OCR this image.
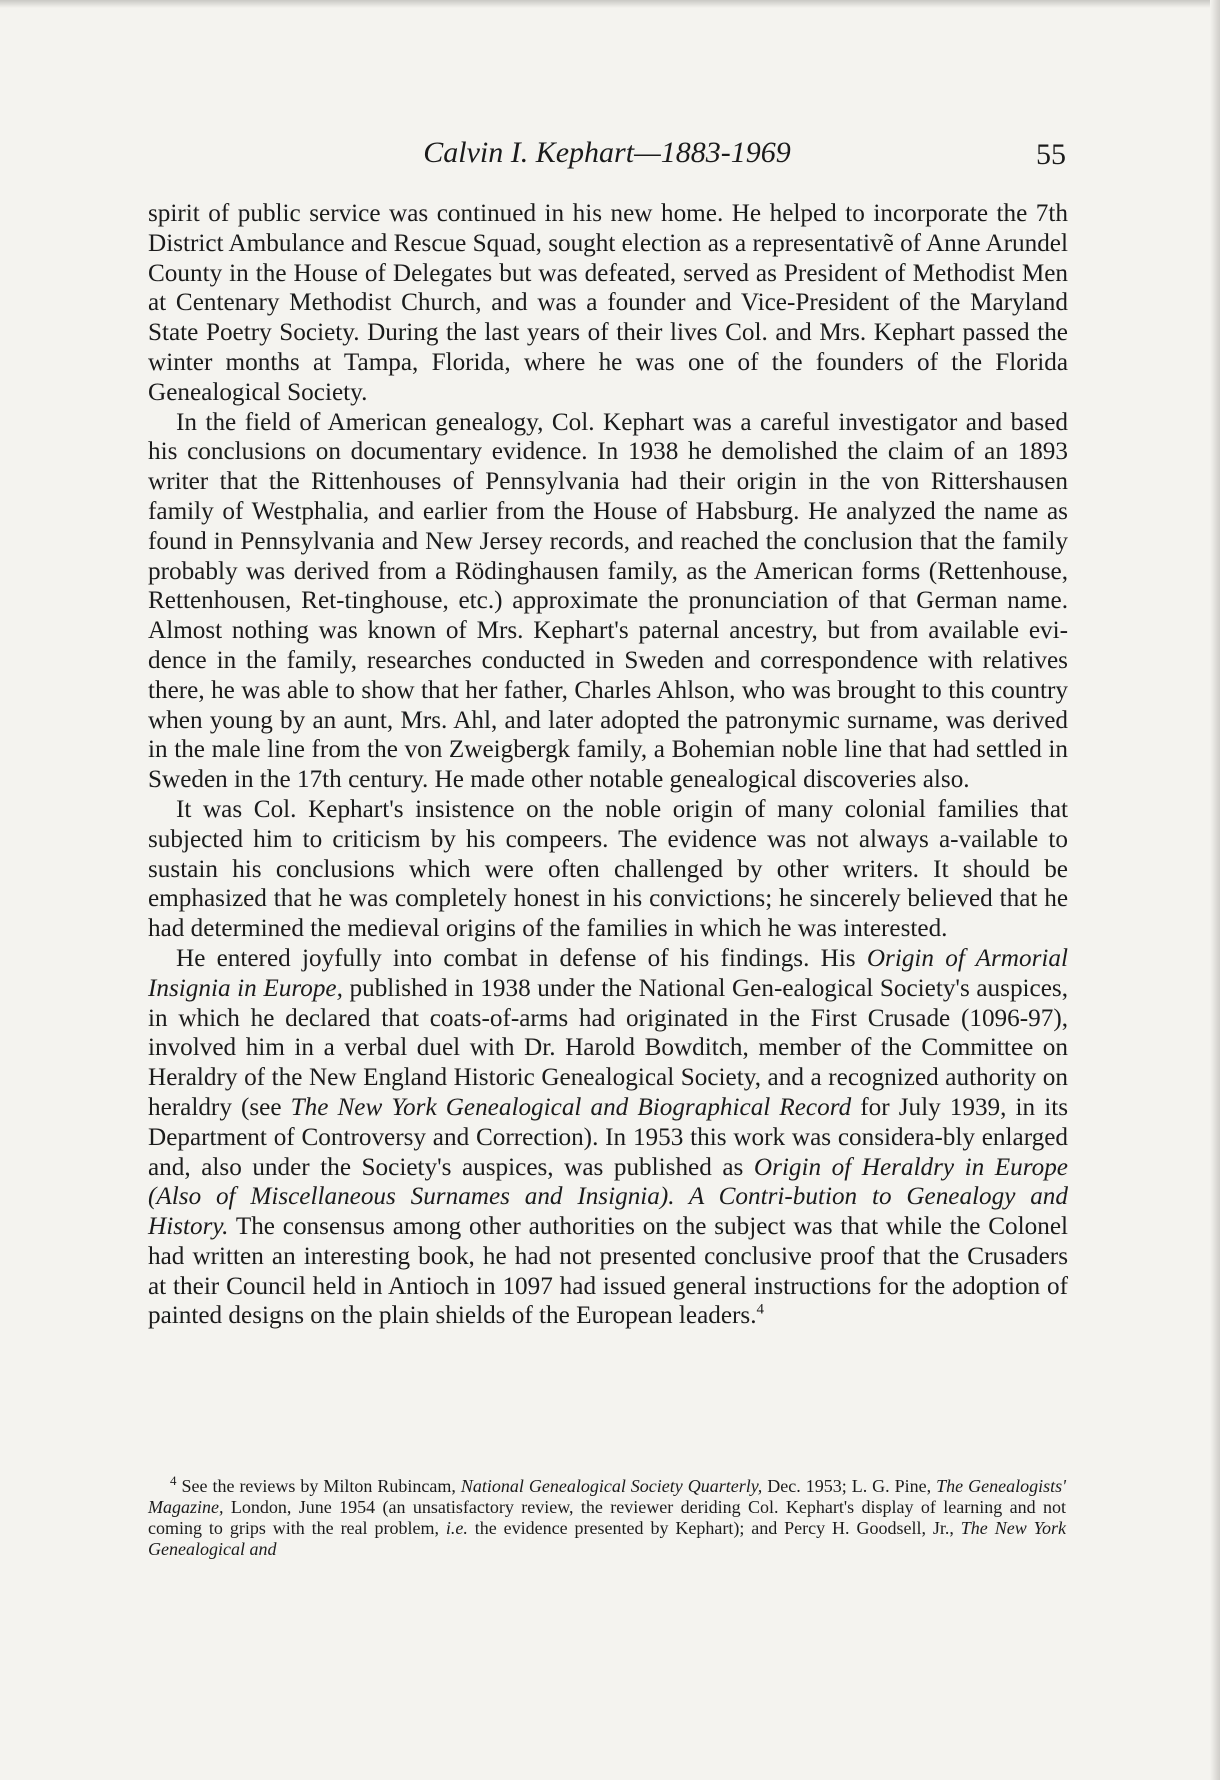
Calvin I. Kephart—1883-1969	55

spirit of public service was continued in his new home. He helped to incorporate the 7th District Ambulance and Rescue Squad, sought election as a representativẽ of Anne Arundel County in the House of Delegates but was defeated, served as President of Methodist Men at Centenary Methodist Church, and was a founder and Vice-President of the Maryland State Poetry Society. During the last years of their lives Col. and Mrs. Kephart passed the winter months at Tampa, Florida, where he was one of the founders of the Florida Genealogical Society.

In the field of American genealogy, Col. Kephart was a careful investigator and based his conclusions on documentary evidence. In 1938 he demolished the claim of an 1893 writer that the Rittenhouses of Pennsylvania had their origin in the von Rittershausen family of Westphalia, and earlier from the House of Habsburg. He analyzed the name as found in Pennsylvania and New Jersey records, and reached the conclusion that the family probably was derived from a Rödinghausen family, as the American forms (Rettenhouse, Rettenhousen, Ret-tinghouse, etc.) approximate the pronunciation of that German name. Almost nothing was known of Mrs. Kephart's paternal ancestry, but from available evi-dence in the family, researches conducted in Sweden and correspondence with relatives there, he was able to show that her father, Charles Ahlson, who was brought to this country when young by an aunt, Mrs. Ahl, and later adopted the patronymic surname, was derived in the male line from the von Zweigbergk family, a Bohemian noble line that had settled in Sweden in the 17th century. He made other notable genealogical discoveries also.

It was Col. Kephart's insistence on the noble origin of many colonial families that subjected him to criticism by his compeers. The evidence was not always a-vailable to sustain his conclusions which were often challenged by other writers. It should be emphasized that he was completely honest in his convictions; he sincerely believed that he had determined the medieval origins of the families in which he was interested.

He entered joyfully into combat in defense of his findings. His Origin of Armorial Insignia in Europe, published in 1938 under the National Gen-ealogical Society's auspices, in which he declared that coats-of-arms had originated in the First Crusade (1096-97), involved him in a verbal duel with Dr. Harold Bowditch, member of the Committee on Heraldry of the New England Historic Genealogical Society, and a recognized authority on heraldry (see The New York Genealogical and Biographical Record for July 1939, in its Department of Controversy and Correction). In 1953 this work was considera-bly enlarged and, also under the Society's auspices, was published as Origin of Heraldry in Europe (Also of Miscellaneous Surnames and Insignia). A Contri-bution to Genealogy and History. The consensus among other authorities on the subject was that while the Colonel had written an interesting book, he had not presented conclusive proof that the Crusaders at their Council held in Antioch in 1097 had issued general instructions for the adoption of painted designs on the plain shields of the European leaders.$^4$

$^4$ See the reviews by Milton Rubincam, National Genealogical Society Quarterly, Dec. 1953; L. G. Pine, The Genealogists' Magazine, London, June 1954 (an unsatisfactory review, the reviewer deriding Col. Kephart's display of learning and not coming to grips with the real problem, i.e. the evidence presented by Kephart); and Percy H. Goodsell, Jr., The New York Genealogical and
